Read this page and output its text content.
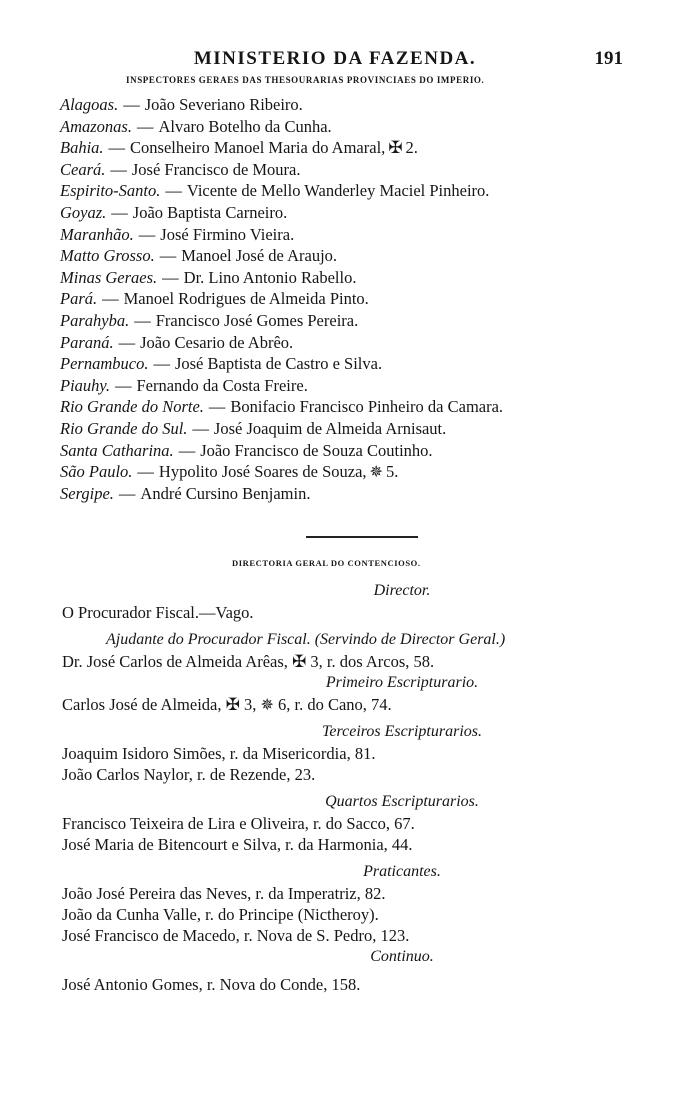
MINISTERIO DA FAZENDA.	191
INSPECTORES GERAES DAS THESOURARIAS PROVINCIAES DO IMPERIO.
Alagoas. — João Severiano Ribeiro.
Amazonas. — Alvaro Botelho da Cunha.
Bahia. — Conselheiro Manoel Maria do Amaral, ✠ 2.
Ceará. — José Francisco de Moura.
Espirito-Santo. — Vicente de Mello Wanderley Maciel Pinheiro.
Goyaz. — João Baptista Carneiro.
Maranhão. — José Firmino Vieira.
Matto Grosso. — Manoel José de Araujo.
Minas Geraes. — Dr. Lino Antonio Rabello.
Pará. — Manoel Rodrigues de Almeida Pinto.
Parahyba. — Francisco José Gomes Pereira.
Paraná. — João Cesario de Abrêo.
Pernambuco. — José Baptista de Castro e Silva.
Piauhy. — Fernando da Costa Freire.
Rio Grande do Norte. — Bonifacio Francisco Pinheiro da Camara.
Rio Grande do Sul. — José Joaquim de Almeida Arnisaut.
Santa Catharina. — João Francisco de Souza Coutinho.
São Paulo. — Hypolito José Soares de Souza, ✵ 5.
Sergipe. — André Cursino Benjamin.
DIRECTORIA GERAL DO CONTENCIOSO.
Director.
O Procurador Fiscal.—Vago.
Ajudante do Procurador Fiscal. (Servindo de Director Geral.)
Dr. José Carlos de Almeida Arêas, ✠ 3, r. dos Arcos, 58.
Primeiro Escripturario.
Carlos José de Almeida, ✠ 3, ✵ 6, r. do Cano, 74.
Terceiros Escripturarios.
Joaquim Isidoro Simões, r. da Misericordia, 81.
João Carlos Naylor, r. de Rezende, 23.
Quartos Escripturarios.
Francisco Teixeira de Lira e Oliveira, r. do Sacco, 67.
José Maria de Bitencourt e Silva, r. da Harmonia, 44.
Praticantes.
João José Pereira das Neves, r. da Imperatriz, 82.
João da Cunha Valle, r. do Principe (Nictheroy).
José Francisco de Macedo, r. Nova de S. Pedro, 123.
Continuo.
José Antonio Gomes, r. Nova do Conde, 158.
